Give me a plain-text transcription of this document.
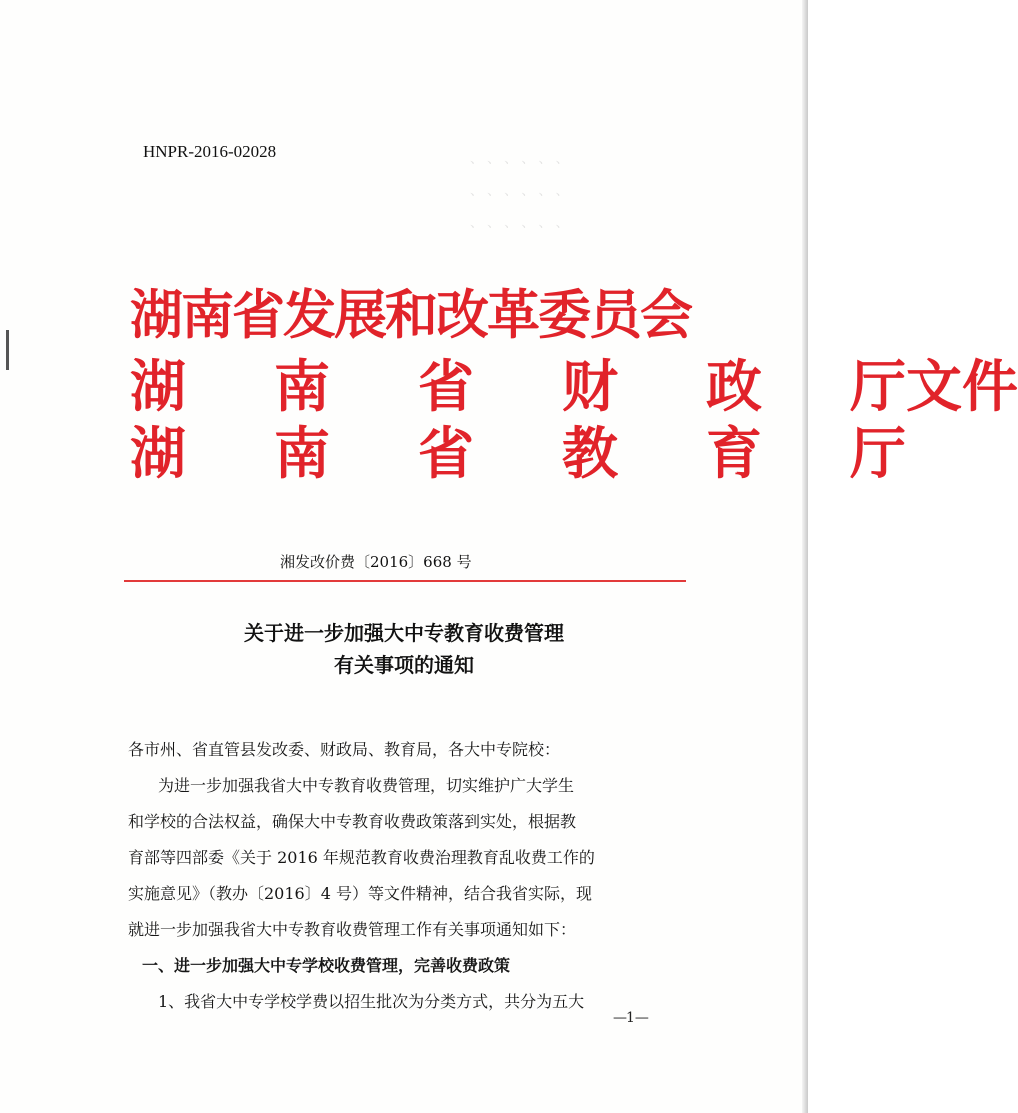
、 、 、 、 、 、
、 、 、 、 、 、
、 、 、 、 、 、
HNPR-2016-02028
湖南省发展和改革委员会
湖 南 省 财 政 厅文件
湖 南 省 教 育 厅
湘发改价费〔2016〕668 号
关于进一步加强大中专教育收费管理
有关事项的通知
各市州、省直管县发改委、财政局、教育局，各大中专院校：
为进一步加强我省大中专教育收费管理，切实维护广大学生
和学校的合法权益，确保大中专教育收费政策落到实处，根据教
育部等四部委《关于 2016 年规范教育收费治理教育乱收费工作的
实施意见》（教办〔2016〕4 号）等文件精神，结合我省实际，现
就进一步加强我省大中专教育收费管理工作有关事项通知如下：
一、进一步加强大中专学校收费管理，完善收费政策
1、我省大中专学校学费以招生批次为分类方式，共分为五大
—1—
